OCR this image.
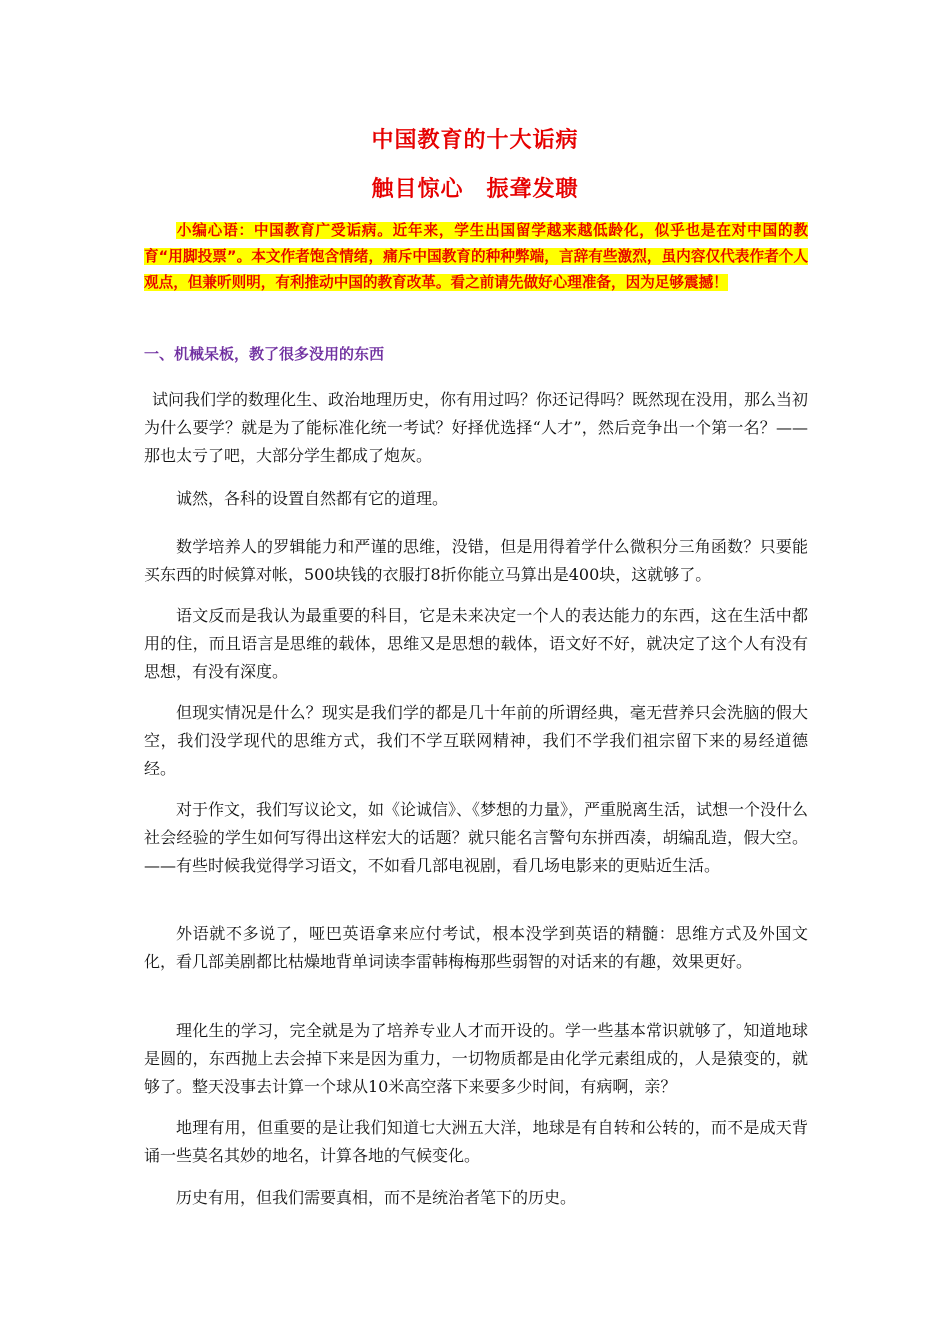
中国教育的十大诟病
触目惊心　振聋发聩
小编心语：中国教育广受诟病。近年来，学生出国留学越来越低龄化，似乎也是在对中国的教育“用脚投票”。本文作者饱含情绪，痛斥中国教育的种种弊端，言辞有些激烈，虽内容仅代表作者个人观点，但兼听则明，有利推动中国的教育改革。看之前请先做好心理准备，因为足够震撼！
一、机械呆板，教了很多没用的东西

试问我们学的数理化生、政治地理历史，你有用过吗？你还记得吗？既然现在没用，那么当初为什么要学？就是为了能标准化统一考试？好择优选择“人才”，然后竞争出一个第一名？——那也太亏了吧，大部分学生都成了炮灰。

诚然，各科的设置自然都有它的道理。

数学培养人的罗辑能力和严谨的思维，没错，但是用得着学什么微积分三角函数？只要能买东西的时候算对帐，500块钱的衣服打8折你能立马算出是400块，这就够了。

语文反而是我认为最重要的科目，它是未来决定一个人的表达能力的东西，这在生活中都用的住，而且语言是思维的载体，思维又是思想的载体，语文好不好，就决定了这个人有没有思想，有没有深度。

但现实情况是什么？现实是我们学的都是几十年前的所谓经典，毫无营养只会洗脑的假大空，我们没学现代的思维方式，我们不学互联网精神，我们不学我们祖宗留下来的易经道德经。

对于作文，我们写议论文，如《论诚信》、《梦想的力量》，严重脱离生活，试想一个没什么社会经验的学生如何写得出这样宏大的话题？就只能名言警句东拼西凑，胡编乱造，假大空。——有些时候我觉得学习语文，不如看几部电视剧，看几场电影来的更贴近生活。

外语就不多说了，哑巴英语拿来应付考试，根本没学到英语的精髓：思维方式及外国文化，看几部美剧都比枯燥地背单词读李雷韩梅梅那些弱智的对话来的有趣，效果更好。

理化生的学习，完全就是为了培养专业人才而开设的。学一些基本常识就够了，知道地球是圆的，东西抛上去会掉下来是因为重力，一切物质都是由化学元素组成的，人是猿变的，就够了。整天没事去计算一个球从10米高空落下来要多少时间，有病啊，亲？

地理有用，但重要的是让我们知道七大洲五大洋，地球是有自转和公转的，而不是成天背诵一些莫名其妙的地名，计算各地的气候变化。

历史有用，但我们需要真相，而不是统治者笔下的历史。
